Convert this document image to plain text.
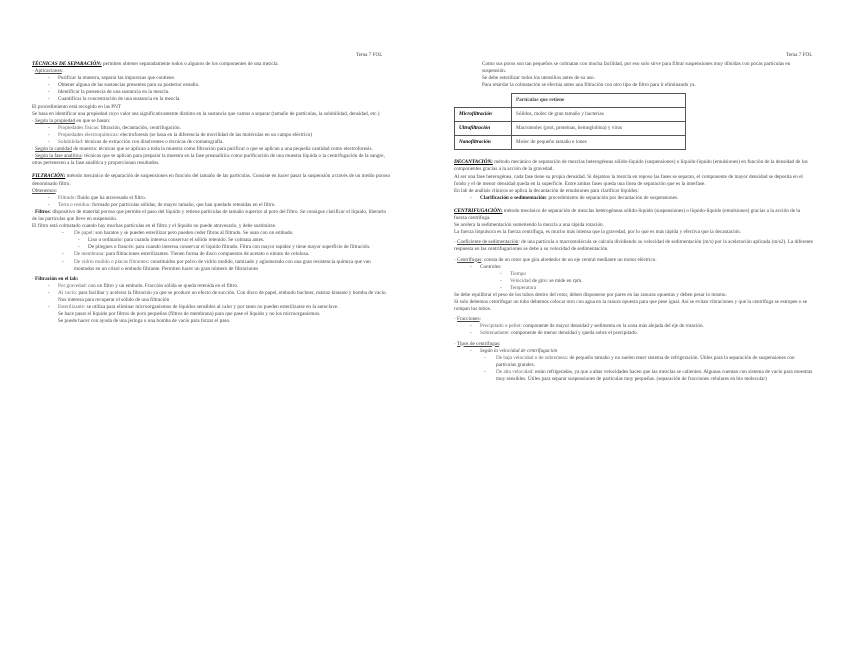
Tema 7 FOL	Tema 7 FOL

TÉCNICAS DE SEPARACIÓN: permiten obtener separadamente todos o algunos de los componentes de una mezcla.

· Aplicaciones:

- Purificar la muestra, separar las impurezas que contiene.
- Obtener alguna de las sustancias presentes para su posterior estudio.
- Identificar la presencia de una sustancia en la mezcla.
- Cuantificar la concentración de una sustancia en la mezcla.

El procedimiento está recogido en las PNT

Se basa en identificar una propiedad cuyo valor sea significativamente distinto en la sustancia que vamos a separar (tamaño de partículas, la solubilidad, densidad, etc.)

· Según la propiedad en que se basan:

- Propiedades físicas: filtración, decantación, centrifugación.
- Propiedades electroquímicas: electroforesis (se basa en la diferencia de movilidad de las moléculas en un campo eléctrico)
- Solubilidad: técnicas de extracción con disolventes o técnicas de cromatografía.

· Según la cantidad de muestra: técnicas que se aplican a toda la muestra como filtración para purificar o que se aplican a una pequeña cantidad como electroforesis.

· Según la fase analítica: técnicas que se aplican para preparar la muestra en la fase preanalítica como purificación de una muestra líquida o la centrifugación de la sangre, otras pertenecen a la fase analítica y proporcionan resultados.

FILTRACIÓN: método mecánico de separación de suspensiones en función del tamaño de las partículas. Consiste en hacer pasar la suspensión a través de un medio poroso denominado filtro.

Obtenemos:

- Filtrado: fluido que ha atravesado el filtro.
- Torta o residuo: formado por partículas sólidas, de mayor tamaño, que han quedado retenidas en el filtro.

· Filtros: dispositivo de material poroso que permite el paso del líquido y retiene partículas de tamaño superior al poro del filtro. Se consigue clarificar el líquido, liberarlo de las partículas que lleve en suspensión.

El filtro está colmatado cuando hay muchas partículas en el filtro y el líquido no puede atravesarlo, y debe sustituirse.

- De papel: son baratos y se pueden esterilizar pero pueden ceder fibras al filtrado. Se usan con un embudo.
- Liso u ordinario: para cuando interesa conservar el sólido retenido. Se colmata antes.
- De pliegues o francés: para cuando interesa conservar el líquido filtrado. Filtra con mayor rapidez y tiene mayor superficie de filtración.
- De membrana: para filtraciones esterilizantes. Tienen forma de disco compuestos de acetato o nitrato de celulosa.
- De vidrio molido o placas filtrantes: constituidos por polvo de vidrio molido, tamizado y aglomerado con una gran resistencia química que van montados en un crisol o embudo filtrante. Permiten hacer un gran número de filtraciones

· Filtración en el lab:

- Por gravedad: con un filtro y un embudo. Fracción sólida se queda retenida en el filtro.
- Al vacío: para facilitar y acelerar la filtración ya que se produce un efecto de succión. Con disco de papel, embudo buchner, matraz kitasato y bomba de vacío. Nos interesa para recuperar el sólido de una filtración
- Esterilizante: se utiliza para eliminar microorganismos de líquidos sensibles al calor y por tanto no pueden esterilizarse en la autoclave.

Se hace pasar el líquido por filtros de poro pequeños (filtros de membrana) para que pase el líquido y no los microorganismos.

Se puede hacer con ayuda de una jeringa o una bomba de vacío para forzar el paso.

Como sus poros son tan pequeños se colmatan con mucha facilidad, por eso solo sirve para filtrar suspensiones muy diluidas con pocas partículas en suspensión.

Se debe esterilizar todos los utensilios antes de su uso.

Para retardar la colmatación se efectúa antes una filtración con otro tipo de filtro para ir eliminando ya.

	Partículas que retiene
Microfiltración	Sólidos, molec de gran tamaño y bacterias
Ultrafiltración	Macromolec (prot, proteínas, hemoglobina) y virus
Nanofiltración	Molec de pequeño tamaño e iones

DECANTACIÓN: método mecánico de separación de mezclas heterogéneas sólido-líquido (suspensiones) o líquido-líquido (emulsiones) en función de la densidad de los componentes gracias a la acción de la gravedad.

Al ser una fase heterogénea, cada fase tiene su propia densidad. Si dejamos la mezcla en reposo las fases se separan, el componente de mayor densidad se deposita en el fondo y el de menor densidad queda en la superficie. Entre ambas fases queda una línea de separación que es la interfase.

En lab de análisis clínicos se aplica la decantación de emulsiones para clarificar líquidos:

- Clarificación o sedimentación: procedimiento de separación por decantación de suspensiones.

CENTRIFUGACIÓN: método mecánico de separación de mezclas heterogéneas sólido-líquido (suspensiones) o líquido-líquido (emulsiones) gracias a la acción de la fuerza centrífuga.

Se acelera la sedimentación sometiendo la mezcla a una rápida rotación.

La fuerza impulsora es la fuerza centrífuga, es mucho más intensa que la gravedad, por lo que es más rápida y efectiva que la decantación.

· Coeficiente de sedimentación: de una partícula o macromolécula se calcula dividiendo su velocidad de sedimentación (m/s) por la aceleración aplicada (m/s2). La diferente respuesta en las centrifugaciones se debe a su velocidad de sedimentación.

· Centrífugas: consta de un rotor que gira alrededor de un eje central mediante un motor eléctrico.

- Controles:
- Tiempo
- Velocidad de giro: se mide en rpm.
- Temperatura

Se debe equilibrar el peso de los tubos dentro del rotor, deben disponerse por pares en las ranuras opuestas y deben pesar lo mismo.

Si solo debemos centrifugar un tubo debemos colocar otro con agua en la ranura opuesta para que pese igual. Así se evitan vibraciones y que la centrífuga se estropee o se rompan los tubos.

· Fracciones:

- Precipitado o pellet: componente de mayor densidad y sedimenta en la zona más alejada del eje de rotación.
- Sobrenadante: componente de menor densidad y queda sobre el precipitado.

· Tipos de centrífugas:

- Según la velocidad de centrifugación
- De baja velocidad o de sobremesa: de pequeño tamaño y no suelen tener sistema de refrigeración. Útiles para la separación de suspensiones con partículas grandes.
- De alta velocidad: están refrigeradas, ya que a altas velocidades hacen que las mezclas se calienten. Algunas cuentan con sistema de vacío para muestras muy sensibles. Útiles para separar suspensiones de partículas muy pequeñas. (separación de fracciones celulares en bio molecular)
